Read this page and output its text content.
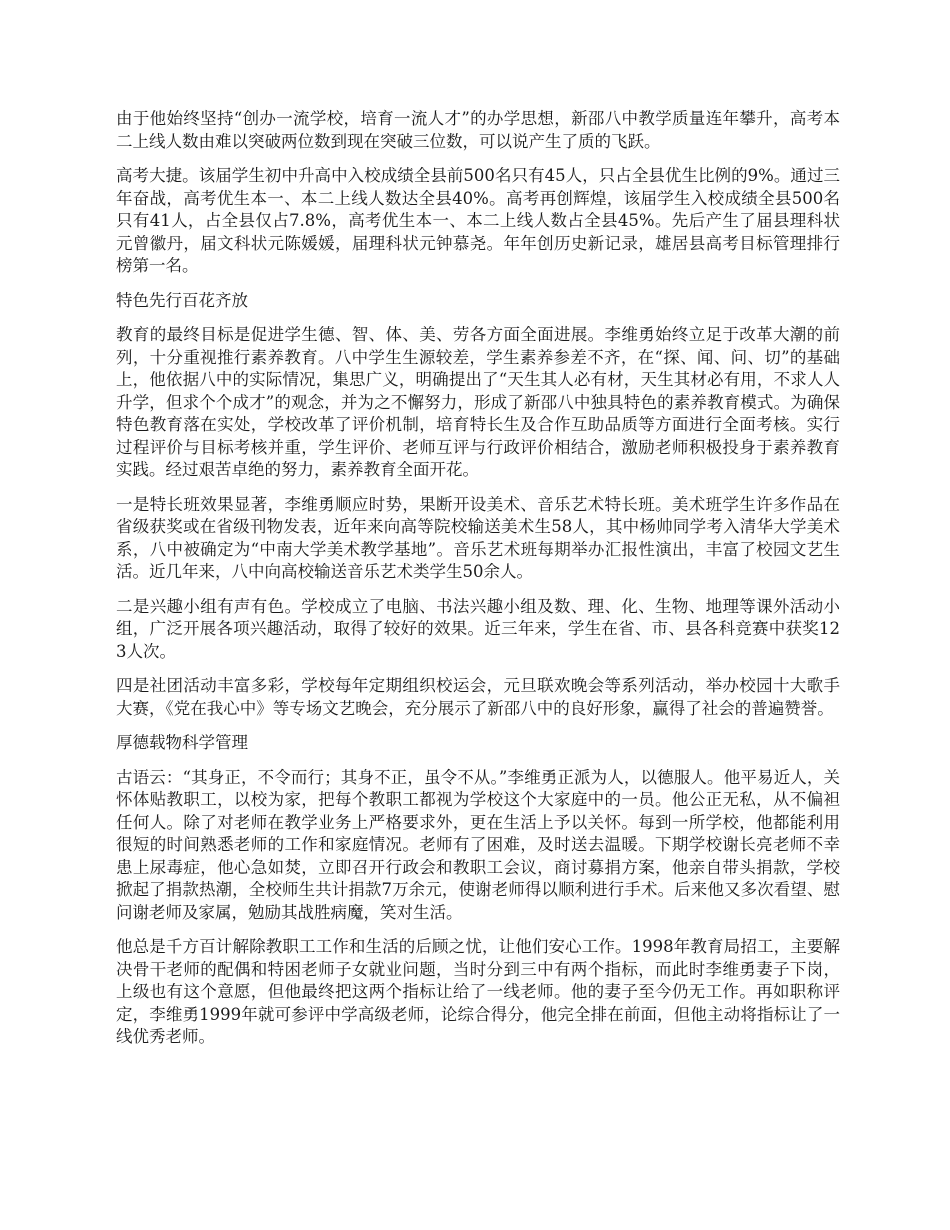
由于他始终坚持“创办一流学校，培育一流人才”的办学思想，新邵八中教学质量连年攀升，高考本二上线人数由难以突破两位数到现在突破三位数，可以说产生了质的飞跃。

高考大捷。该届学生初中升高中入校成绩全县前500名只有45人，只占全县优生比例的9%。通过三年奋战，高考优生本一、本二上线人数达全县40%。高考再创辉煌，该届学生入校成绩全县500名只有41人，占全县仅占7.8%，高考优生本一、本二上线人数占全县45%。先后产生了届县理科状元曾徽丹，届文科状元陈媛媛，届理科状元钟慕尧。年年创历史新记录，雄居县高考目标管理排行榜第一名。

特色先行百花齐放

教育的最终目标是促进学生德、智、体、美、劳各方面全面进展。李维勇始终立足于改革大潮的前列，十分重视推行素养教育。八中学生生源较差，学生素养参差不齐，在“探、闻、问、切”的基础上，他依据八中的实际情况，集思广义，明确提出了“天生其人必有材，天生其材必有用，不求人人升学，但求个个成才”的观念，并为之不懈努力，形成了新邵八中独具特色的素养教育模式。为确保特色教育落在实处，学校改革了评价机制，培育特长生及合作互助品质等方面进行全面考核。实行过程评价与目标考核并重，学生评价、老师互评与行政评价相结合，激励老师积极投身于素养教育实践。经过艰苦卓绝的努力，素养教育全面开花。

一是特长班效果显著，李维勇顺应时势，果断开设美术、音乐艺术特长班。美术班学生许多作品在省级获奖或在省级刊物发表，近年来向高等院校输送美术生58人，其中杨帅同学考入清华大学美术系，八中被确定为“中南大学美术教学基地”。音乐艺术班每期举办汇报性演出，丰富了校园文艺生活。近几年来，八中向高校输送音乐艺术类学生50余人。

二是兴趣小组有声有色。学校成立了电脑、书法兴趣小组及数、理、化、生物、地理等课外活动小组，广泛开展各项兴趣活动，取得了较好的效果。近三年来，学生在省、市、县各科竞赛中获奖123人次。

四是社团活动丰富多彩，学校每年定期组织校运会，元旦联欢晚会等系列活动，举办校园十大歌手大赛，《党在我心中》等专场文艺晚会，充分展示了新邵八中的良好形象，赢得了社会的普遍赞誉。

厚德载物科学管理

古语云：“其身正，不令而行；其身不正，虽令不从。”李维勇正派为人，以德服人。他平易近人，关怀体贴教职工，以校为家，把每个教职工都视为学校这个大家庭中的一员。他公正无私，从不偏袒任何人。除了对老师在教学业务上严格要求外，更在生活上予以关怀。每到一所学校，他都能利用很短的时间熟悉老师的工作和家庭情况。老师有了困难，及时送去温暖。下期学校谢长亮老师不幸患上尿毒症，他心急如焚，立即召开行政会和教职工会议，商讨募捐方案，他亲自带头捐款，学校掀起了捐款热潮，全校师生共计捐款7万余元，使谢老师得以顺利进行手术。后来他又多次看望、慰问谢老师及家属，勉励其战胜病魔，笑对生活。

他总是千方百计解除教职工工作和生活的后顾之忧，让他们安心工作。1998年教育局招工，主要解决骨干老师的配偶和特困老师子女就业问题，当时分到三中有两个指标，而此时李维勇妻子下岗，上级也有这个意愿，但他最终把这两个指标让给了一线老师。他的妻子至今仍无工作。再如职称评定，李维勇1999年就可参评中学高级老师，论综合得分，他完全排在前面，但他主动将指标让了一线优秀老师。
